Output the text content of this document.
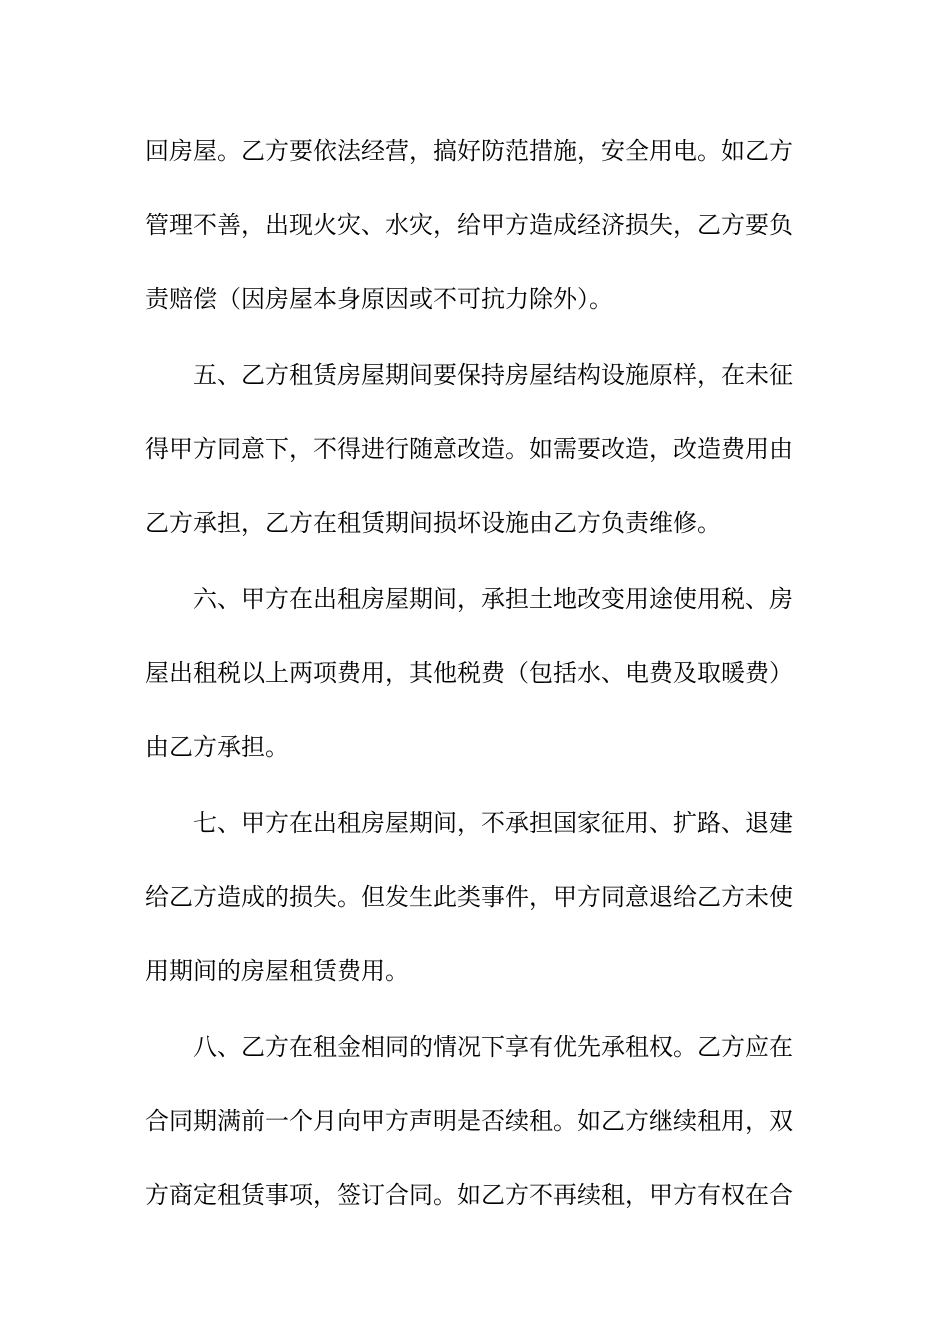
回房屋。乙方要依法经营，搞好防范措施，安全用电。如乙方
管理不善，出现火灾、水灾，给甲方造成经济损失，乙方要负
责赔偿（因房屋本身原因或不可抗力除外）。
五、乙方租赁房屋期间要保持房屋结构设施原样，在未征
得甲方同意下，不得进行随意改造。如需要改造，改造费用由
乙方承担，乙方在租赁期间损坏设施由乙方负责维修。
六、甲方在出租房屋期间，承担土地改变用途使用税、房
屋出租税以上两项费用，其他税费（包括水、电费及取暖费）
由乙方承担。
七、甲方在出租房屋期间，不承担国家征用、扩路、退建
给乙方造成的损失。但发生此类事件，甲方同意退给乙方未使
用期间的房屋租赁费用。
八、乙方在租金相同的情况下享有优先承租权。乙方应在
合同期满前一个月向甲方声明是否续租。如乙方继续租用，双
方商定租赁事项，签订合同。如乙方不再续租，甲方有权在合
